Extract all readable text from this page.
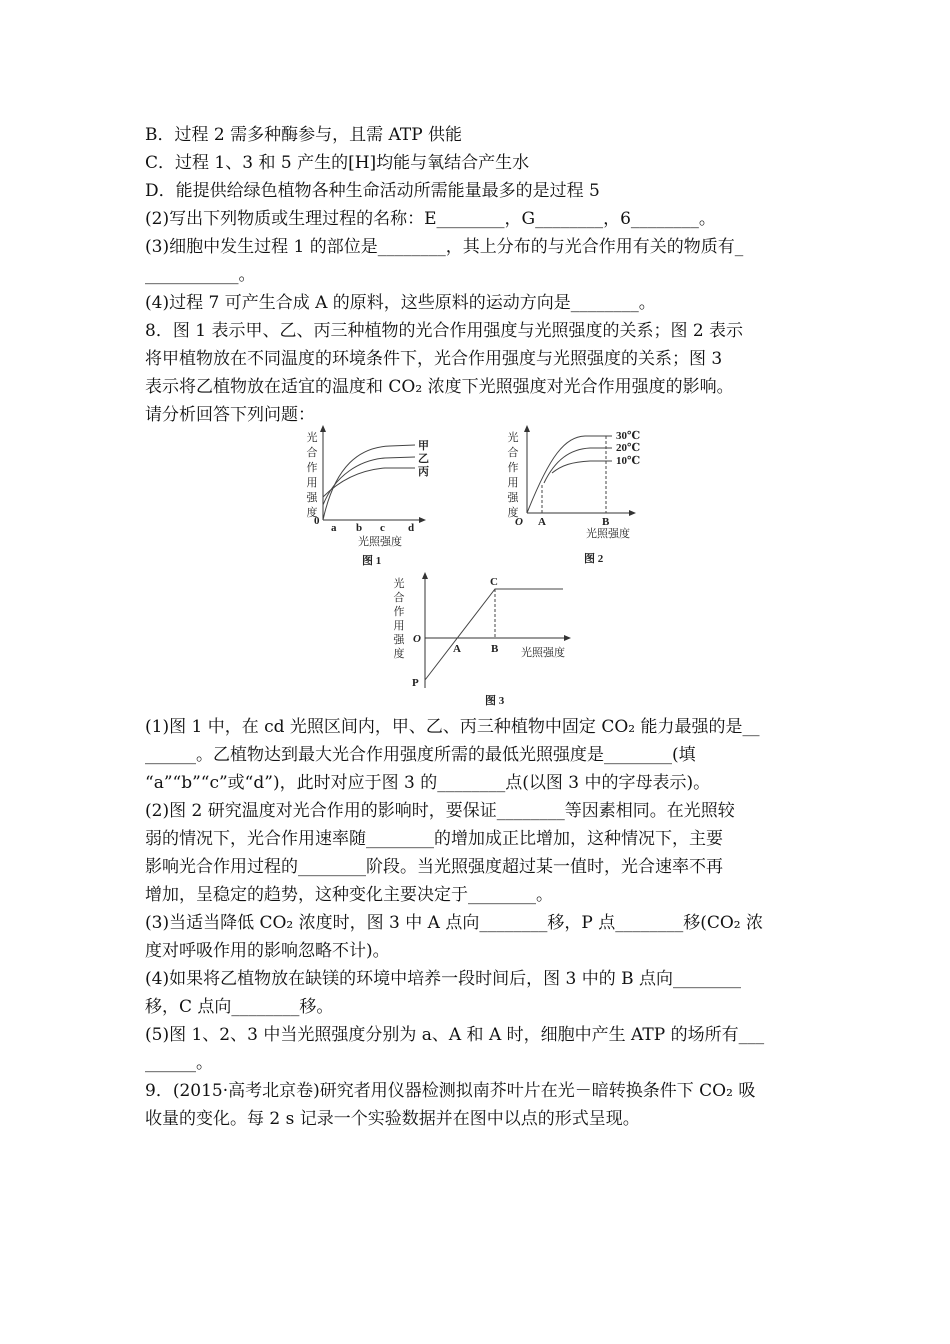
B．过程 2 需多种酶参与，且需 ATP 供能
C．过程 1、3 和 5 产生的[H]均能与氧结合产生水
D．能提供给绿色植物各种生命活动所需能量最多的是过程 5
(2)写出下列物质或生理过程的名称：E________，G________，6________。
(3)细胞中发生过程 1 的部位是________，其上分布的与光合作用有关的物质有_
___________。
(4)过程 7 可产生合成 A 的原料，这些原料的运动方向是________。
8．图 1 表示甲、乙、丙三种植物的光合作用强度与光照强度的关系；图 2 表示
将甲植物放在不同温度的环境条件下，光合作用强度与光照强度的关系；图 3
表示将乙植物放在适宜的温度和 CO₂ 浓度下光照强度对光合作用强度的影响。
请分析回答下列问题：
光
合
作
用
强
度
0
a b c d
光照强度
甲
乙
丙
图 1
光
合
作
用
强
度
30℃
20℃
10℃
O A	B
光照强度
图 2
光
合
作
用
强
度
O
A	B
C
P
光照强度
图 3
(1)图 1 中，在 cd 光照区间内，甲、乙、丙三种植物中固定 CO₂ 能力最强的是__
______。乙植物达到最大光合作用强度所需的最低光照强度是________(填
“a”“b”“c”或“d”)，此时对应于图 3 的________点(以图 3 中的字母表示)。
(2)图 2 研究温度对光合作用的影响时，要保证________等因素相同。在光照较
弱的情况下，光合作用速率随________的增加成正比增加，这种情况下，主要
影响光合作用过程的________阶段。当光照强度超过某一值时，光合速率不再
增加，呈稳定的趋势，这种变化主要决定于________。
(3)当适当降低 CO₂ 浓度时，图 3 中 A 点向________移，P 点________移(CO₂ 浓
度对呼吸作用的影响忽略不计)。
(4)如果将乙植物放在缺镁的环境中培养一段时间后，图 3 中的 B 点向________
移，C 点向________移。
(5)图 1、2、3 中当光照强度分别为 a、A 和 A 时，细胞中产生 ATP 的场所有___
______。
9．(2015·高考北京卷)研究者用仪器检测拟南芥叶片在光－暗转换条件下 CO₂ 吸
收量的变化。每 2 s 记录一个实验数据并在图中以点的形式呈现。
